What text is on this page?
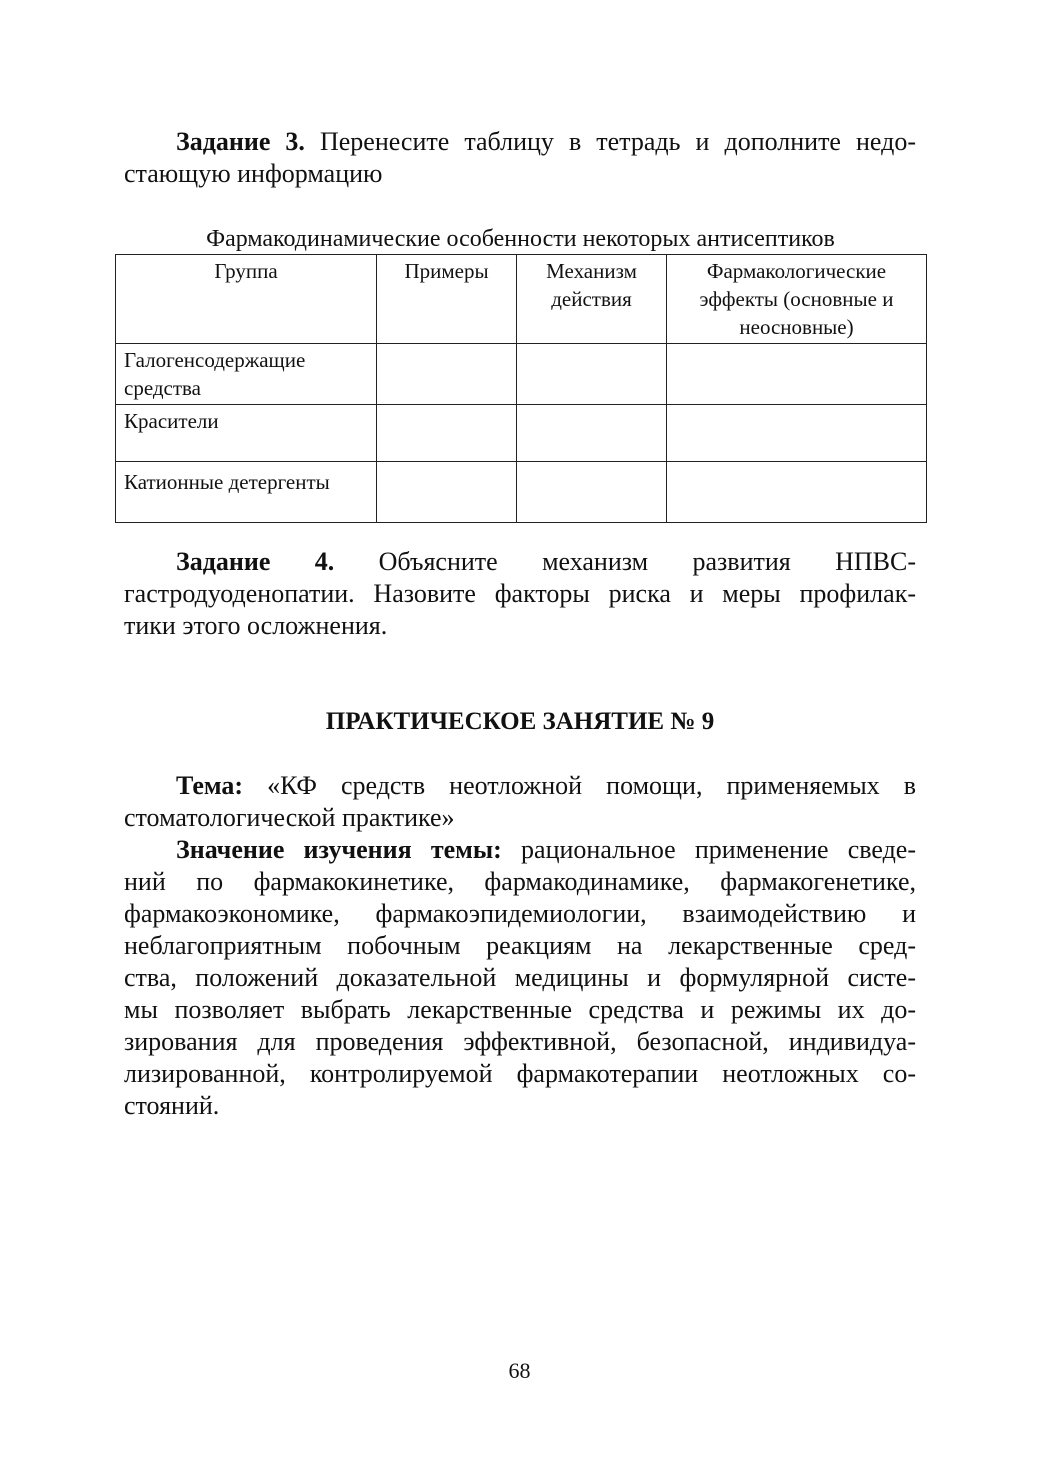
Задание 3. Перенесите таблицу в тетрадь и дополните недо-
стающую информацию
Фармакодинамические особенности некоторых антисептиков
Группа	Примеры	Механизм действия	Фармакологические эффекты (основные и неосновные)
Галогенсодержащие средства			
Красители			
Катионные детергенты			
Задание 4. Объясните механизм развития НПВС-
гастродуоденопатии. Назовите факторы риска и меры профилак-
тики этого осложнения.
ПРАКТИЧЕСКОЕ ЗАНЯТИЕ № 9
Тема: «КФ средств неотложной помощи, применяемых в
стоматологической практике»
Значение изучения темы: рациональное применение сведе-
ний по фармакокинетике, фармакодинамике, фармакогенетике,
фармакоэкономике, фармакоэпидемиологии, взаимодействию и
неблагоприятным побочным реакциям на лекарственные сред-
ства, положений доказательной медицины и формулярной систе-
мы позволяет выбрать лекарственные средства и режимы их до-
зирования для проведения эффективной, безопасной, индивидуа-
лизированной, контролируемой фармакотерапии неотложных со-
стояний.
68
